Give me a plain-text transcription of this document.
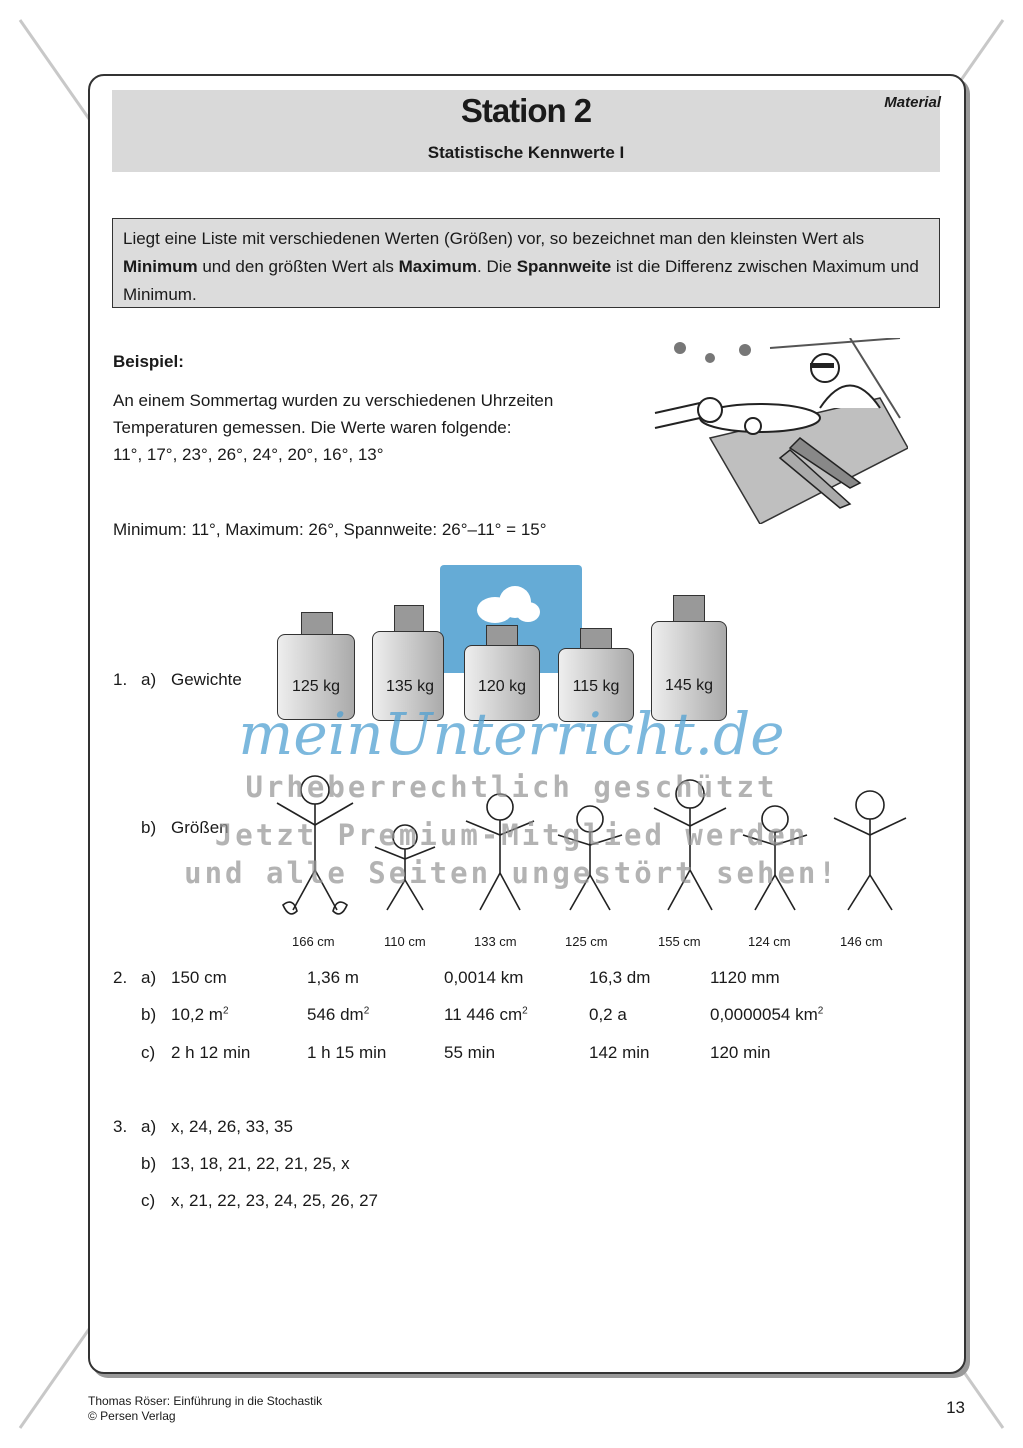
Station 2	Material
Statistische Kennwerte I
Liegt eine Liste mit verschiedenen Werten (Größen) vor, so bezeichnet man den kleinsten Wert als Minimum und den größten Wert als Maximum. Die Spannweite ist die Differenz zwischen Maximum und Minimum.
Beispiel:
An einem Sommertag wurden zu verschiedenen Uhrzeiten
Temperaturen gemessen. Die Werte waren folgende:
11°, 17°, 23°, 26°, 24°, 20°, 16°, 13°
Minimum: 11°, Maximum: 26°, Spannweite: 26°–11° = 15°
1. a) Gewichte	125 kg	135 kg	120 kg	115 kg	145 kg
b) Größen
166 cm	110 cm	133 cm	125 cm	155 cm	124 cm	146 cm
2. a) 150 cm	1,36 m	0,0014 km	16,3 dm	1120 mm
b) 10,2 $m^2$	546 $dm^2$	11 446 $cm^2$	0,2 a	0,0000054 $km^2$
c) 2 h 12 min	1 h 15 min	55 min	142 min	120 min
3. a) x, 24, 26, 33, 35
b) 13, 18, 21, 22, 21, 25, x
c) x, 21, 22, 23, 24, 25, 26, 27
meinUnterricht.de
Urheberrechtlich geschützt
Jetzt Premium-Mitglied werden
und alle Seiten ungestört sehen!
Thomas Röser: Einführung in die Stochastik
© Persen Verlag	13
